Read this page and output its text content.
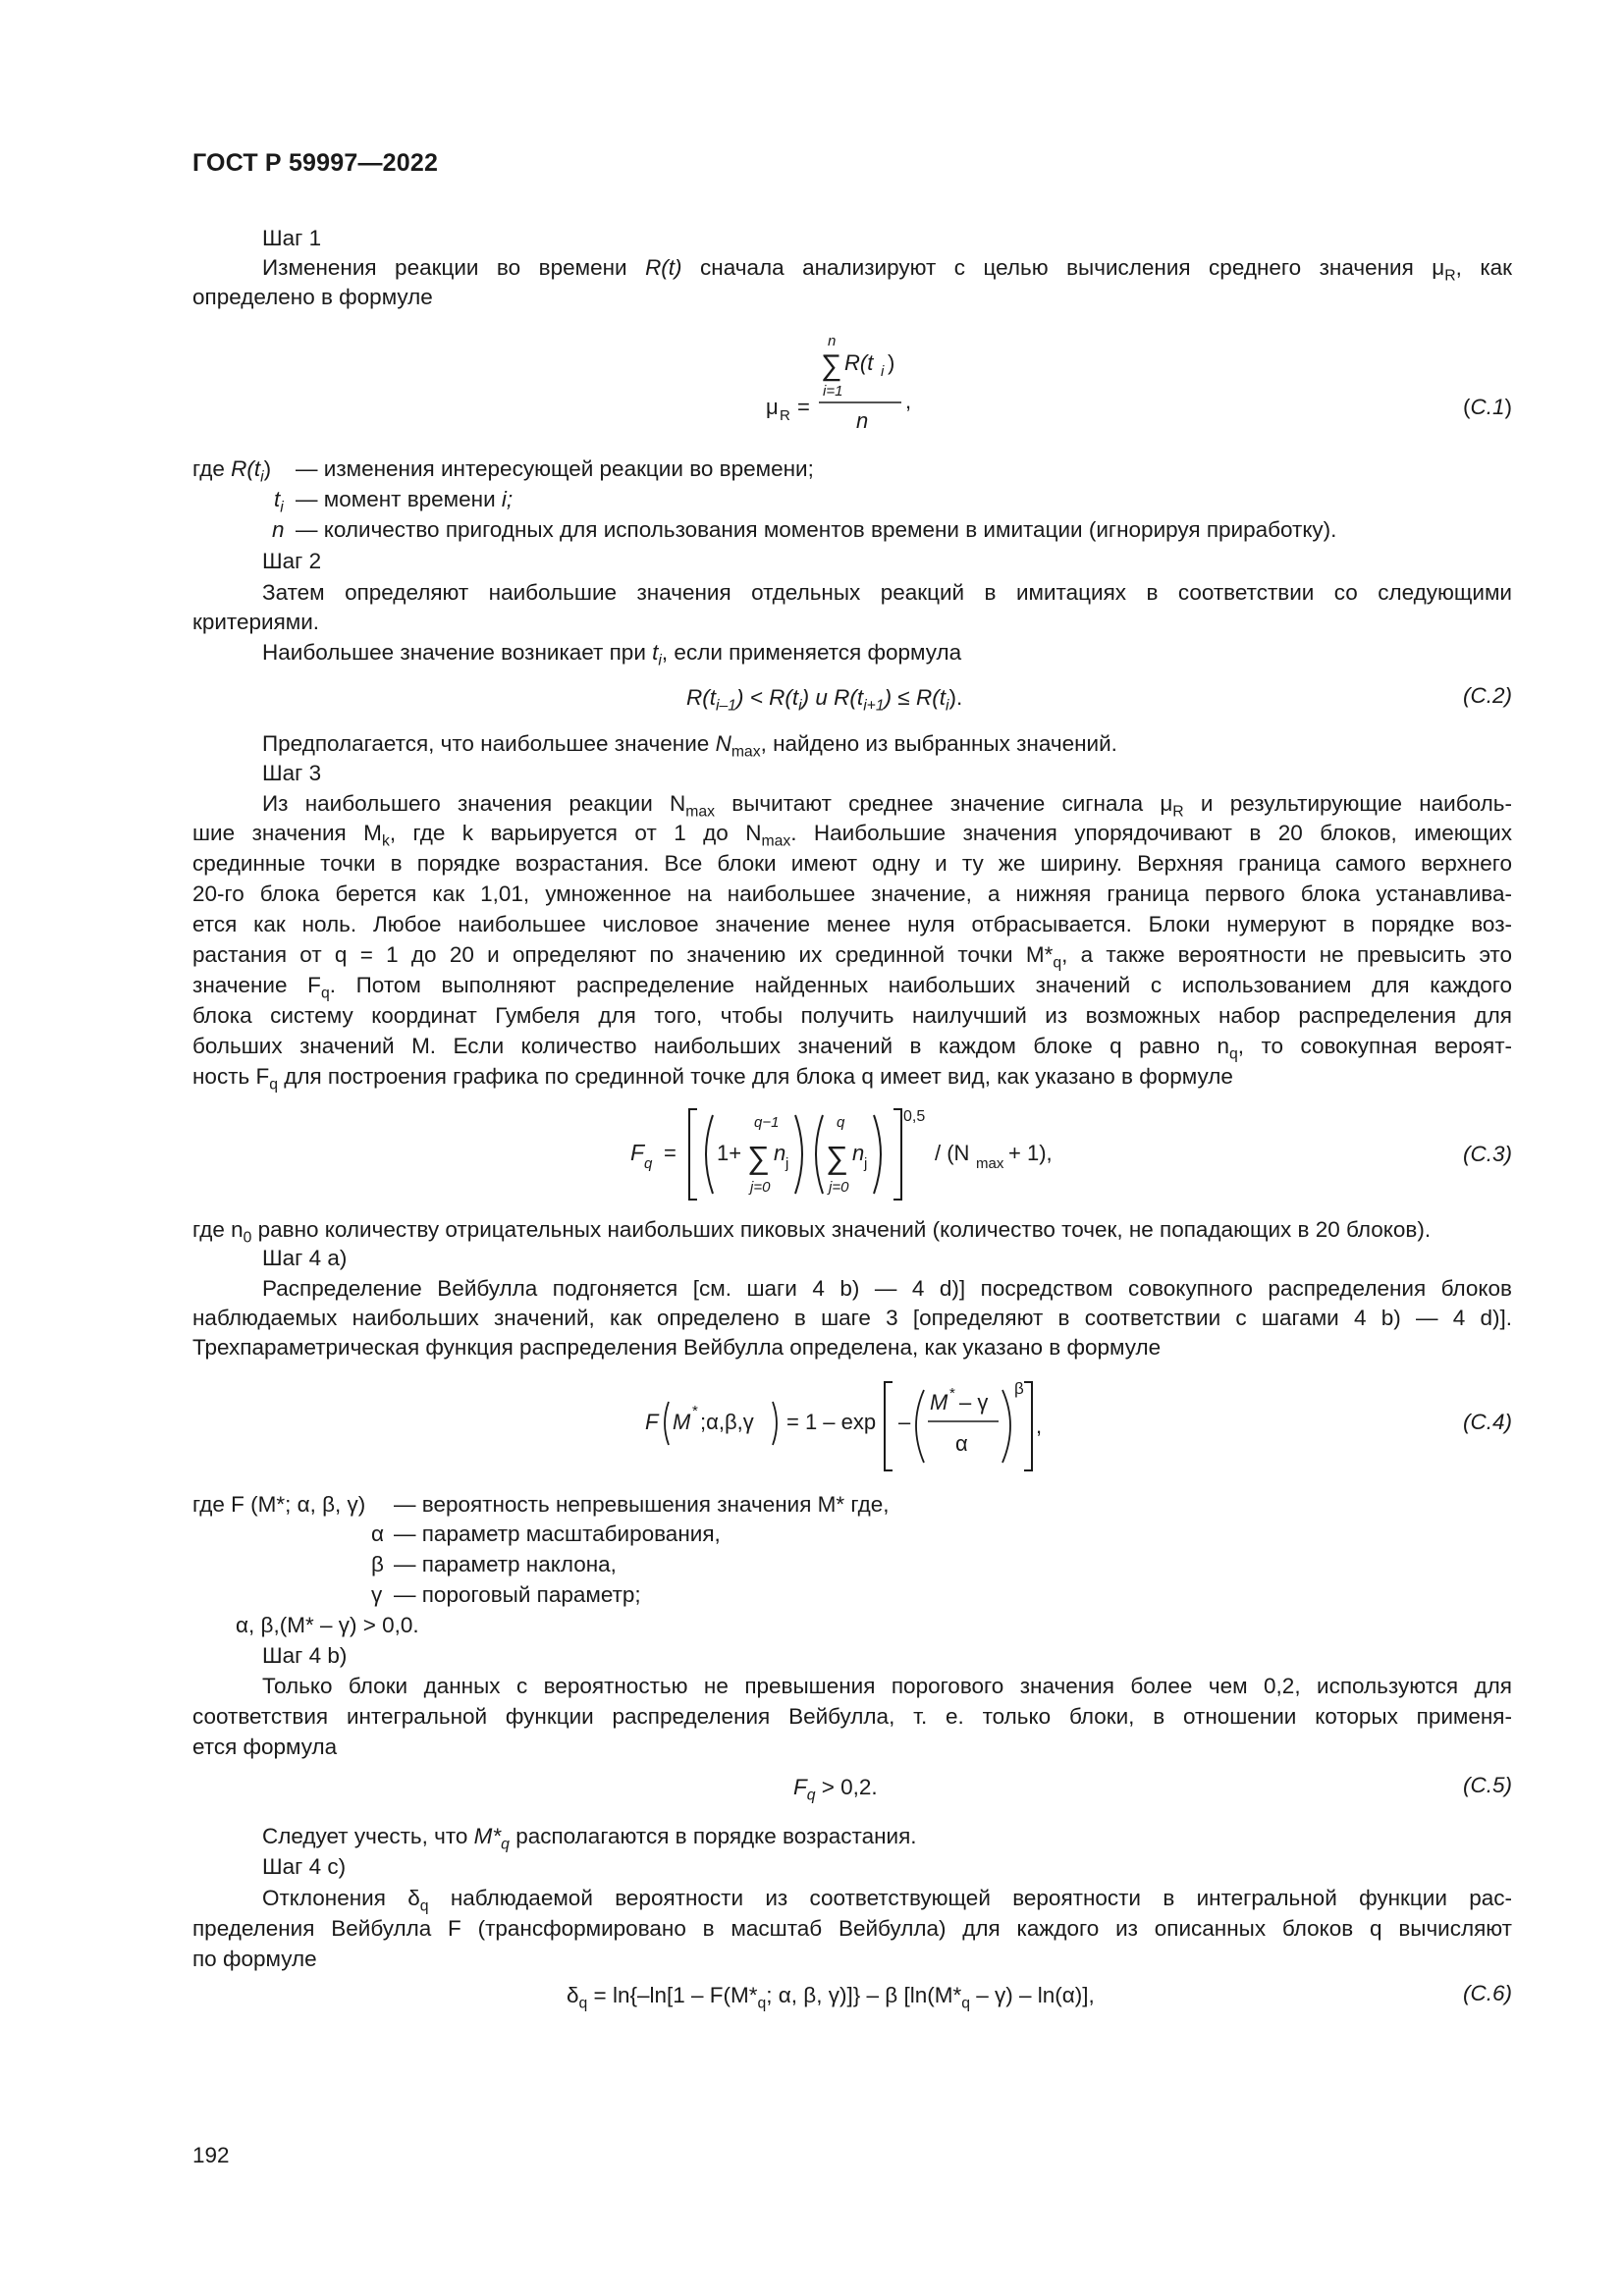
ГОСТ Р 59997—2022
Шаг 1
Изменения реакции во времени R(t) сначала анализируют с целью вычисления среднего значения $\mu_R$, как
определено в формуле
μ R =
n
∑
i=1
R(t i )
n
,	(С.1)
где $R(t_i)$ — изменения интересующей реакции во времени;
$t_i$ — момент времени i;
n — количество пригодных для использования моментов времени в имитации (игнорируя приработку).
Шаг 2
Затем определяют наибольшие значения отдельных реакций в имитациях в соответствии со следующими
критериями.
Наибольшее значение возникает при $t_i$, если применяется формула
$R(t_{i-1}) < R(t_i)$ и $R(t_{i+1}) \le R(t_i)$.	(С.2)
Предполагается, что наибольшее значение $N_{max}$, найдено из выбранных значений.
Шаг 3
Из наибольшего значения реакции $N_{max}$ вычитают среднее значение сигнала $\mu_R$ и результирующие наиболь-
шие значения $M_k$, где k варьируется от 1 до $N_{max}$. Наибольшие значения упорядочивают в 20 блоков, имеющих
срединные точки в порядке возрастания. Все блоки имеют одну и ту же ширину. Верхняя граница самого верхнего
20-го блока берется как 1,01, умноженное на наибольшее значение, а нижняя граница первого блока устанавлива-
ется как ноль. Любое наибольшее числовое значение менее нуля отбрасывается. Блоки нумеруют в порядке воз-
растания от q = 1 до 20 и определяют по значению их срединной точки $M*_q$, а также вероятности не превысить это
значение $F_q$. Потом выполняют распределение найденных наибольших значений с использованием для каждого
блока систему координат Гумбеля для того, чтобы получить наилучший из возможных набор распределения для
больших значений M. Если количество наибольших значений в каждом блоке q равно $n_q$, то совокупная вероят-
ность $F_q$ для построения графика по срединной точке для блока q имеет вид, как указано в формуле
F q = 1+
q−1
∑
j=0
n j
q
∑
j=0
n j
0,5
/ (N max + 1),	(С.3)
где $n_0$ равно количеству отрицательных наибольших пиковых значений (количество точек, не попадающих в 20 блоков).
Шаг 4 а)
Распределение Вейбулла подгоняется [см. шаги 4 b) — 4 d)] посредством совокупного распределения блоков
наблюдаемых наибольших значений, как определено в шаге 3 [определяют в соответствии с шагами 4 b) — 4 d)].
Трехпараметрическая функция распределения Вейбулла определена, как указано в формуле
F M * ;α,β,γ = 1 – exp –
M * – γ
α
β
,	(С.4)
где F (M*; α, β, γ) — вероятность непревышения значения M* где,
α — параметр масштабирования,
β — параметр наклона,
γ — пороговый параметр;
α, β,(M* – γ) > 0,0.
Шаг 4 b)
Только блоки данных с вероятностью не превышения порогового значения более чем 0,2, используются для
соответствия интегральной функции распределения Вейбулла, т. е. только блоки, в отношении которых применя-
ется формула
$F_q > 0,2$.	(С.5)
Следует учесть, что $M*_q$ располагаются в порядке возрастания.
Шаг 4 с)
Отклонения $\delta_q$ наблюдаемой вероятности из соответствующей вероятности в интегральной функции рас-
пределения Вейбулла F (трансформировано в масштаб Вейбулла) для каждого из описанных блоков q вычисляют
по формуле
$\delta_q = \ln\{-\ln[1 - F(M*_q$; α, β, γ)]} – β $[\ln(M*_q - \gamma) - \ln(\alpha)]$,	(С.6)
192
